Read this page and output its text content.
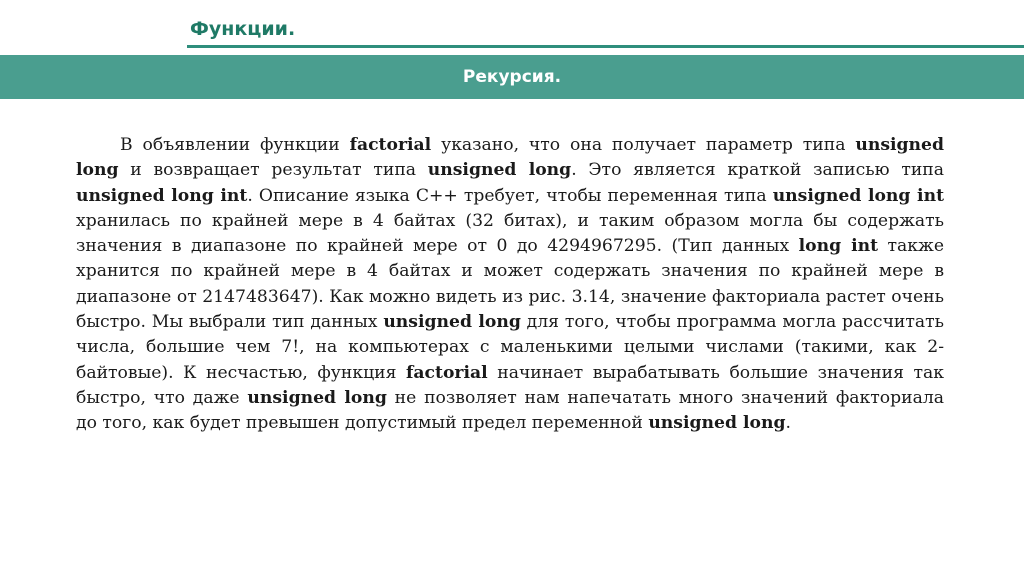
Функции.
Рекурсия.

В объявлении функции factorial указано, что она получает параметр типа unsigned long и возвращает результат типа unsigned long. Это является краткой записью типа unsigned long int. Описание языка С++ требует, чтобы переменная типа unsigned long int хранилась по крайней мере в 4 байтах (32 битах), и таким образом могла бы содержать значения в диапазоне по крайней мере от 0 до 4294967295. (Тип данных long int также хранится по крайней мере в 4 байтах и может содержать значения по крайней мере в диапазоне от 2147483647). Как можно видеть из рис. 3.14, значение факториала растет очень быстро. Мы выбрали тип данных unsigned long для того, чтобы программа могла рассчитать числа, большие чем 7!, на компьютерах с маленькими целыми числами (такими, как 2-байтовые). К несчастью, функция factorial начинает вырабатывать большие значения так быстро, что даже unsigned long не позволяет нам напечатать много значений факториала до того, как будет превышен допустимый предел переменной unsigned long.
